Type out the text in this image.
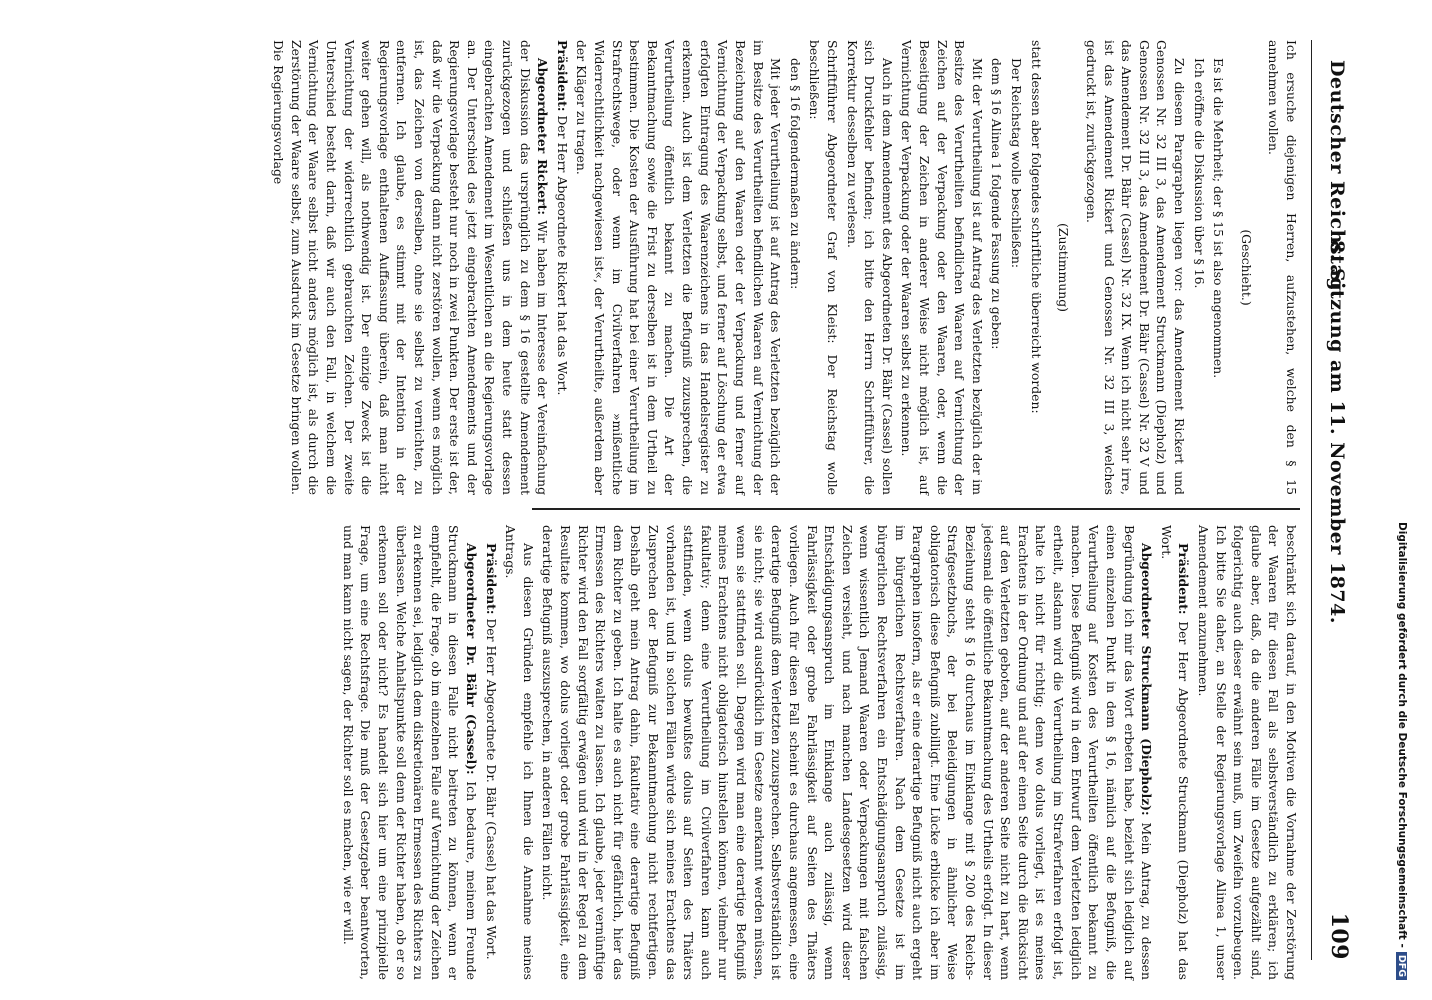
Deutscher Reichstag.
8. Sitzung am 11. November 1874.
109

Ich ersuche diejenigen Herren, aufzustehen, welche den § 15 annehmen wollen.

(Geschieht.)

Es ist die Mehrheit; der § 15 ist also angenommen.

Ich eröffne die Diskussion über § 16.

Zu diesem Paragraphen liegen vor: das Amendement Rickert und Genossen Nr. 32 III 3, das Amendement Struckmann (Diepholz) und Genossen Nr. 32 III 3, das Amendement Dr. Bähr (Cassel) Nr. 32 V und das Amendement Dr. Bähr (Cassel) Nr. 32 IX. Wenn ich nicht sehr irre, ist das Amendement Rickert und Genossen Nr. 32 III 3, welches gedruckt ist, zurückgezogen.

(Zustimmung)

statt dessen aber folgendes schriftliche überreicht worden:

Der Reichstag wolle beschließen:

dem § 16 Alinea 1 folgende Fassung zu geben:

Mit der Verurtheilung ist auf Antrag des Verletzten bezüglich der im Besitze des Verurtheilten befindlichen Waaren auf Vernichtung der Zeichen auf der Verpackung oder den Waaren, oder, wenn die Beseitigung der Zeichen in anderer Weise nicht möglich ist, auf Vernichtung der Verpackung oder der Waaren selbst zu erkennen.

Auch in dem Amendement des Abgeordneten Dr. Bähr (Cassel) sollen sich Druckfehler befinden; ich bitte den Herrn Schriftführer, die Korrektur desselben zu verlesen.

Schriftführer Abgeordneter Graf von Kleist: Der Reichstag wolle beschließen:

den § 16 folgendermaßen zu ändern:

Mit jeder Verurtheilung ist auf Antrag des Verletzten bezüglich der im Besitze des Verurtheilten befindlichen Waaren auf Vernichtung der Bezeichnung auf den Waaren oder der Verpackung und ferner auf Vernichtung der Verpackung selbst, und ferner auf Löschung der etwa erfolgten Eintragung des Waarenzeichens in das Handelsregister zu erkennen. Auch ist dem Verletzten die Befugniß zuzusprechen, die Verurtheilung öffentlich bekannt zu machen. Die Art der Bekanntmachung sowie die Frist zu derselben ist in dem Urtheil zu bestimmen. Die Kosten der Ausführung hat bei einer Verurtheilung im Strafrechtswege, oder wenn im Civilverfahren »mißentliche Widerrechtlichkeit nachgewiesen ist«, der Verurtheilte, außerdem aber der Kläger zu tragen.

Präsident: Der Herr Abgeordnete Rickert hat das Wort.

Abgeordneter Rickert: Wir haben im Interesse der Vereinfachung der Diskussion das ursprünglich zu dem § 16 gestellte Amendement zurückgezogen und schließen uns in dem heute statt dessen eingebrachten Amendement im Wesentlichen an die Regierungsvorlage an. Der Unterschied des jetzt eingebrachten Amendements und der Regierungsvorlage besteht nur noch in zwei Punkten. Der erste ist der, daß wir die Verpackung dann nicht zerstören wollen, wenn es möglich ist, das Zeichen von derselben, ohne sie selbst zu vernichten, zu entfernen. Ich glaube, es stimmt mit der Intention in der Regierungsvorlage enthaltenen Auffassung überein, daß man nicht weiter gehen will, als nothwendig ist. Der einzige Zweck ist die Vernichtung der widerrechtlich gebrauchten Zeichen. Der zweite Unterschied besteht darin, daß wir auch den Fall, in welchem die Vernichtung der Waare selbst nicht anders möglich ist, als durch die Zerstörung der Waare selbst, zum Ausdruck im Gesetze bringen wollen. Die Regierungsvorlage

beschränkt sich darauf, in den Motiven die Vornahme der Zerstörung der Waaren für diesen Fall als selbstverständlich zu erklären; ich glaube aber, daß, da die anderen Fälle im Gesetze aufgezählt sind, folgerichtig auch dieser erwähnt sein muß, um Zweifeln vorzubeugen. Ich bitte Sie daher, an Stelle der Regierungsvorlage Alinea 1, unser Amendement anzunehmen.

Präsident: Der Herr Abgeordnete Struckmann (Diepholz) hat das Wort.

Abgeordneter Struckmann (Diepholz): Mein Antrag, zu dessen Begründung ich mir das Wort erbeten habe, bezieht sich lediglich auf einen einzelnen Punkt in dem § 16, nämlich auf die Befugniß, die Verurtheilung auf Kosten des Verurtheilten öffentlich bekannt zu machen. Diese Befugniß wird in dem Entwurf dem Verletzten lediglich ertheilt, alsdann wird die Verurtheilung im Strafverfahren erfolgt ist, halte ich nicht für richtig; denn wo dolus vorliegt, ist es meines Erachtens in der Ordnung und auf der einen Seite durch die Rücksicht auf den Verletzten geboten, auf der anderen Seite nicht zu hart, wenn jedesmal die öffentliche Bekanntmachung des Urtheils erfolgt. In dieser Beziehung steht § 16 durchaus im Einklange mit § 200 des Reichs-Strafgesetzbuchs, der bei Beleidigungen in ähnlicher Weise obligatorisch diese Befugniß zubilligt. Eine Lücke erblicke ich aber im Paragraphen insofern, als er eine derartige Befugniß nicht auch ergeht im bürgerlichen Rechtsverfahren. Nach dem Gesetze ist im bürgerlichen Rechtsverfahren ein Entschädigungsanspruch zulässig, wenn wissentlich Jemand Waaren oder Verpackungen mit falschen Zeichen versieht, und nach manchen Landesgesetzen wird dieser Entschädigungsanspruch im Einklange auch zulässig, wenn Fahrlässigkeit oder grobe Fahrlässigkeit auf Seiten des Thäters vorliegen. Auch für diesen Fall scheint es durchaus angemessen, eine derartige Befugniß dem Verletzten zuzusprechen. Selbstverständlich ist sie nicht; sie wird ausdrücklich im Gesetze anerkannt werden müssen, wenn sie stattfinden soll. Dagegen wird man eine derartige Befugniß meines Erachtens nicht obligatorisch hinstellen können, vielmehr nur fakultativ; denn eine Verurtheilung im Civilverfahren kann auch stattfinden, wenn dolus bewußtes dolus auf Seiten des Thäters vorhanden ist, und in solchen Fällen würde sich meines Erachtens das Zusprechen der Befugniß zur Bekanntmachung nicht rechtfertigen. Deshalb geht mein Antrag dahin, fakultativ eine derartige Befugniß dem Richter zu geben. Ich halte es auch nicht für gefährlich, hier das Ermessen des Richters walten zu lassen. Ich glaube, jeder vernünftige Richter wird den Fall sorgfältig erwägen und wird in der Regel zu dem Resultate kommen, wo dolus vorliegt oder grobe Fahrlässigkeit, eine derartige Befugniß auszusprechen, in anderen Fällen nicht.

Aus diesen Gründen empfehle ich Ihnen die Annahme meines Antrags.

Präsident: Der Herr Abgeordnete Dr. Bähr (Cassel) hat das Wort.

Abgeordneter Dr. Bähr (Cassel): Ich bedaure, meinem Freunde Struckmann in diesen Falle nicht beitreten zu können, wenn er empfiehlt, die Frage, ob im einzelnen Falle auf Vernichtung der Zeichen zu erkennen sei, lediglich dem diskretionären Ermessen des Richters zu überlassen. Welche Anhaltspunkte soll denn der Richter haben, ob er so erkennen soll oder nicht? Es handelt sich hier um eine prinzipielle Frage, um eine Rechtsfrage. Die muß der Gesetzgeber beantworten, und man kann nicht sagen, der Richter soll es machen, wie er will.	Digitalisierung gefördert durch die Deutsche Forschungsgemeinschaft -DFG
